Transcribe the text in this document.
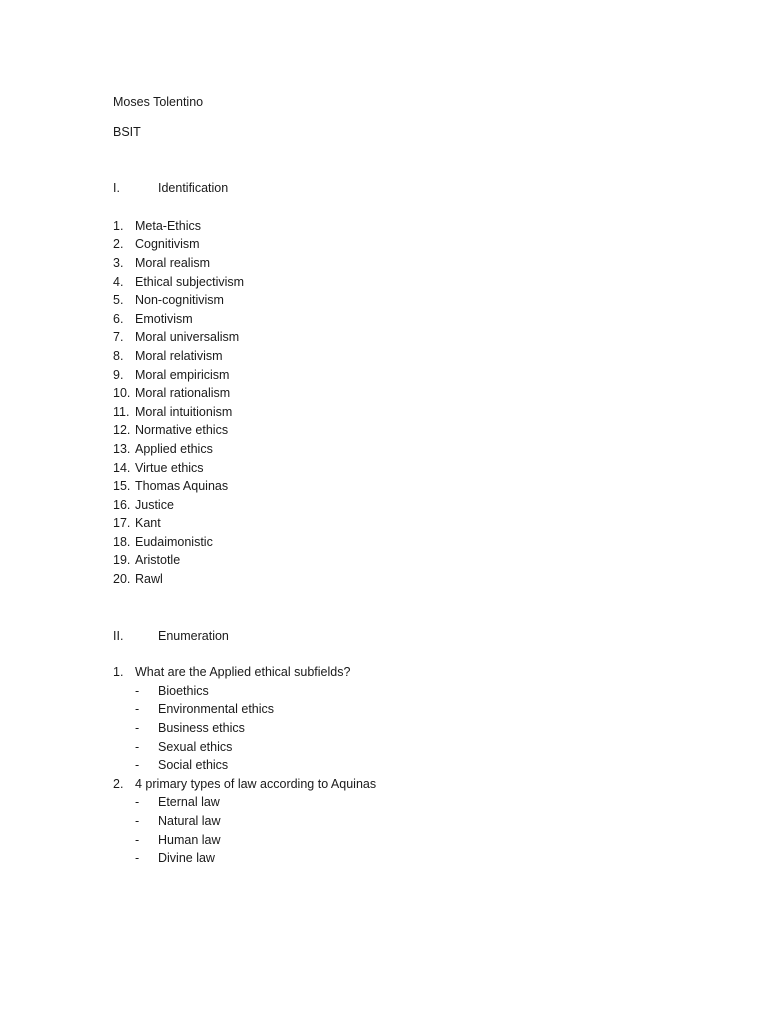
Moses Tolentino
BSIT
I.	Identification
1. Meta-Ethics
2. Cognitivism
3. Moral realism
4. Ethical subjectivism
5. Non-cognitivism
6. Emotivism
7. Moral universalism
8. Moral relativism
9. Moral empiricism
10. Moral rationalism
11. Moral intuitionism
12. Normative ethics
13. Applied ethics
14. Virtue ethics
15. Thomas Aquinas
16. Justice
17. Kant
18. Eudaimonistic
19. Aristotle
20. Rawl
II.	Enumeration
1. What are the Applied ethical subfields?
-	Bioethics
-	Environmental ethics
-	Business ethics
-	Sexual ethics
-	Social ethics
2. 4 primary types of law according to Aquinas
-	Eternal law
-	Natural law
-	Human law
-	Divine law
